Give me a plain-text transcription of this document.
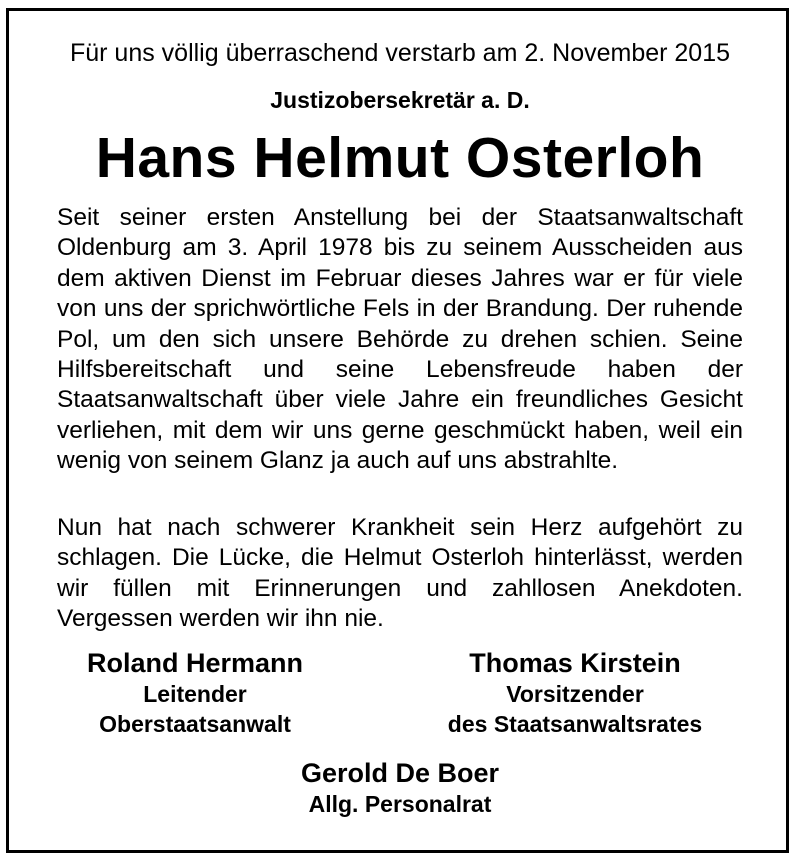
Für uns völlig überraschend verstarb am 2. November 2015
Justizobersekretär a. D.
Hans Helmut Osterloh
Seit seiner ersten Anstellung bei der Staatsanwaltschaft Oldenburg am 3. April 1978 bis zu seinem Ausscheiden aus dem aktiven Dienst im Februar dieses Jahres war er für viele von uns der sprichwörtliche Fels in der Brandung. Der ruhende Pol, um den sich unsere Behörde zu drehen schien. Seine Hilfsbereitschaft und seine Lebensfreude haben der Staatsanwaltschaft über viele Jahre ein freundliches Gesicht verliehen, mit dem wir uns gerne geschmückt haben, weil ein wenig von seinem Glanz ja auch auf uns abstrahlte.
Nun hat nach schwerer Krankheit sein Herz aufgehört zu schlagen. Die Lücke, die Helmut Osterloh hinterlässt, werden wir füllen mit Erinnerungen und zahllosen Anekdoten. Vergessen werden wir ihn nie.
Roland Hermann
Leitender
Oberstaatsanwalt
Thomas Kirstein
Vorsitzender
des Staatsanwaltsrates
Gerold De Boer
Allg. Personalrat
